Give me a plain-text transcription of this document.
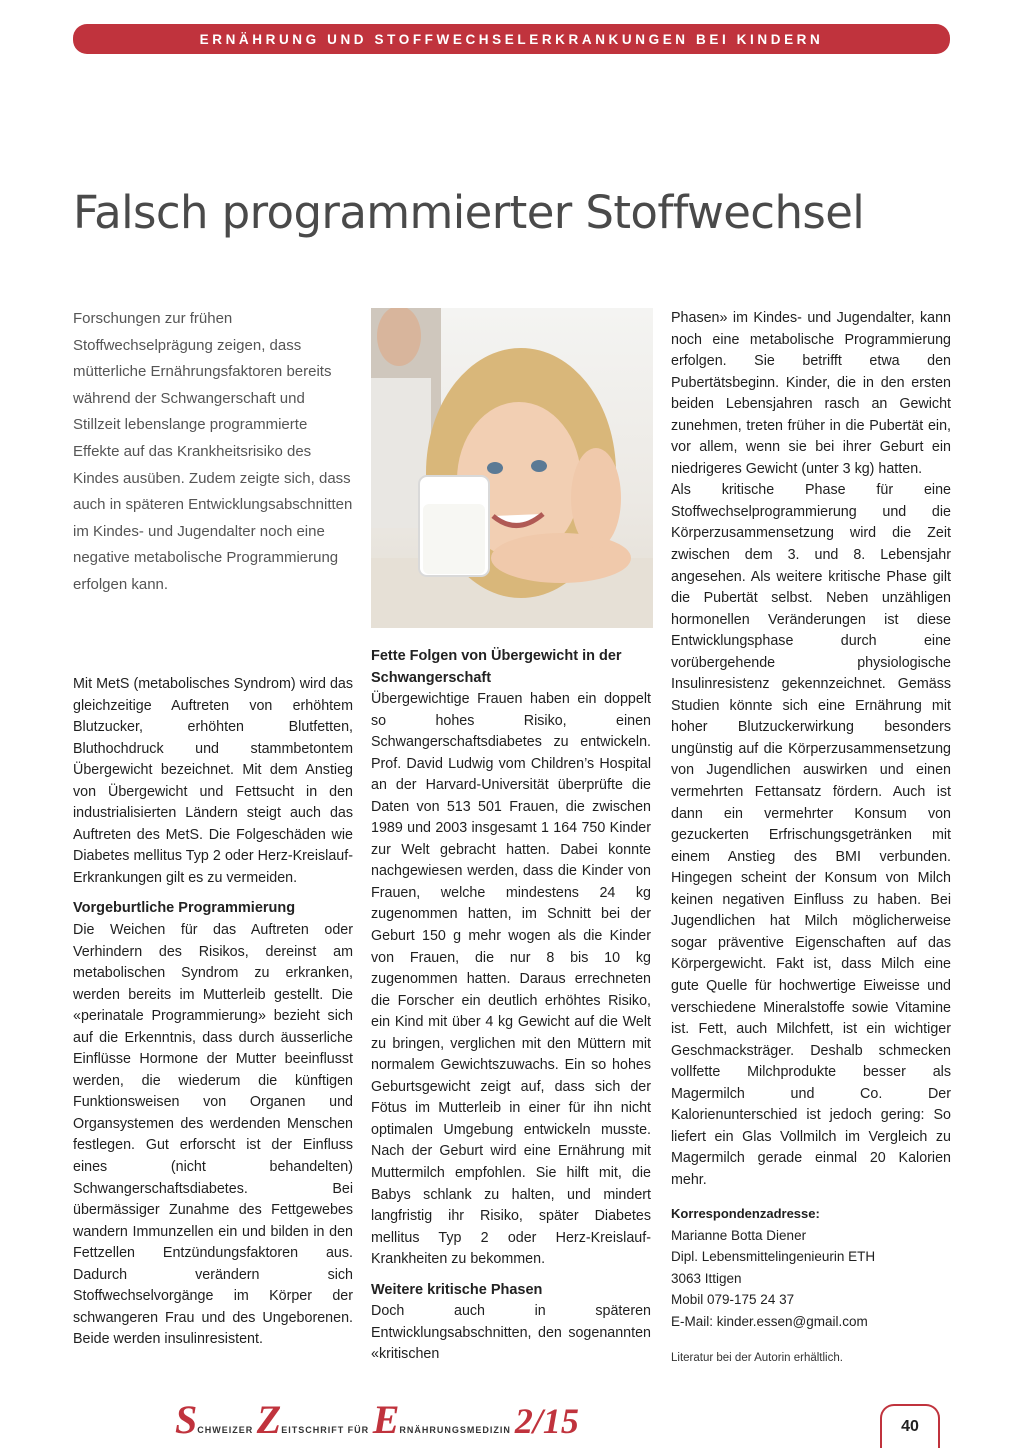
ERNÄHRUNG UND STOFFWECHSELERKRANKUNGEN BEI KINDERN
Falsch programmierter Stoffwechsel

Forschungen zur frühen Stoffwechselprägung zeigen, dass mütterliche Ernährungsfaktoren bereits während der Schwangerschaft und Stillzeit lebenslange programmierte Effekte auf das Krankheitsrisiko des Kindes ausüben. Zudem zeigte sich, dass auch in späteren Entwicklungsabschnitten im Kindes- und Jugendalter noch eine negative metabolische Programmierung erfolgen kann.

Mit MetS (metabolisches Syndrom) wird das gleichzeitige Auftreten von erhöhtem Blutzucker, erhöhten Blutfetten, Bluthochdruck und stammbetontem Übergewicht bezeichnet. Mit dem Anstieg von Übergewicht und Fettsucht in den industrialisierten Ländern steigt auch das Auftreten des MetS. Die Folgeschäden wie Diabetes mellitus Typ 2 oder Herz-Kreislauf-Erkrankungen gilt es zu vermeiden.

Vorgeburtliche Programmierung

Die Weichen für das Auftreten oder Verhindern des Risikos, dereinst am metabolischen Syndrom zu erkranken, werden bereits im Mutterleib gestellt. Die «perinatale Programmierung» bezieht sich auf die Erkenntnis, dass durch äusserliche Einflüsse Hormone der Mutter beeinflusst werden, die wiederum die künftigen Funktionsweisen von Organen und Organsystemen des werdenden Menschen festlegen. Gut erforscht ist der Einfluss eines (nicht behandelten) Schwangerschaftsdiabetes. Bei übermässiger Zunahme des Fettgewebes wandern Immunzellen ein und bilden in den Fettzellen Entzündungsfaktoren aus. Dadurch verändern sich Stoffwechselvorgänge im Körper der schwangeren Frau und des Ungeborenen. Beide werden insulinresistent.

Fette Folgen von Übergewicht in der Schwangerschaft

Übergewichtige Frauen haben ein doppelt so hohes Risiko, einen Schwangerschaftsdiabetes zu entwickeln. Prof. David Ludwig vom Children’s Hospital an der Harvard-Universität überprüfte die Daten von 513 501 Frauen, die zwischen 1989 und 2003 insgesamt 1 164 750 Kinder zur Welt gebracht hatten. Dabei konnte nachgewiesen werden, dass die Kinder von Frauen, welche mindestens 24 kg zugenommen hatten, im Schnitt bei der Geburt 150 g mehr wogen als die Kinder von Frauen, die nur 8 bis 10 kg zugenommen hatten. Daraus errechneten die Forscher ein deutlich erhöhtes Risiko, ein Kind mit über 4 kg Gewicht auf die Welt zu bringen, verglichen mit den Müttern mit normalem Gewichtszuwachs. Ein so hohes Geburtsgewicht zeigt auf, dass sich der Fötus im Mutterleib in einer für ihn nicht optimalen Umgebung entwickeln musste. Nach der Geburt wird eine Ernährung mit Muttermilch empfohlen. Sie hilft mit, die Babys schlank zu halten, und mindert langfristig ihr Risiko, später Diabetes mellitus Typ 2 oder Herz-Kreislauf-Krankheiten zu bekommen.

Weitere kritische Phasen

Doch auch in späteren Entwicklungsabschnitten, den sogenannten «kritischen

Phasen» im Kindes- und Jugendalter, kann noch eine metabolische Programmierung erfolgen. Sie betrifft etwa den Pubertätsbeginn. Kinder, die in den ersten beiden Lebensjahren rasch an Gewicht zunehmen, treten früher in die Pubertät ein, vor allem, wenn sie bei ihrer Geburt ein niedrigeres Gewicht (unter 3 kg) hatten.

Als kritische Phase für eine Stoffwechselprogrammierung und die Körperzusammensetzung wird die Zeit zwischen dem 3. und 8. Lebensjahr angesehen. Als weitere kritische Phase gilt die Pubertät selbst. Neben unzähligen hormonellen Veränderungen ist diese Entwicklungsphase durch eine vorübergehende physiologische Insulinresistenz gekennzeichnet. Gemäss Studien könnte sich eine Ernährung mit hoher Blutzuckerwirkung besonders ungünstig auf die Körperzusammensetzung von Jugendlichen auswirken und einen vermehrten Fettansatz fördern. Auch ist dann ein vermehrter Konsum von gezuckerten Erfrischungsgetränken mit einem Anstieg des BMI verbunden. Hingegen scheint der Konsum von Milch keinen negativen Einfluss zu haben. Bei Jugendlichen hat Milch möglicherweise sogar präventive Eigenschaften auf das Körpergewicht. Fakt ist, dass Milch eine gute Quelle für hochwertige Eiweisse und verschiedene Mineralstoffe sowie Vitamine ist. Fett, auch Milchfett, ist ein wichtiger Geschmacksträger. Deshalb schmecken vollfette Milchprodukte besser als Magermilch und Co. Der Kalorienunterschied ist jedoch gering: So liefert ein Glas Vollmilch im Vergleich zu Magermilch gerade einmal 20 Kalorien mehr.

Korrespondenzadresse:
Marianne Botta Diener
Dipl. Lebensmittelingenieurin ETH
3063 Ittigen
Mobil 079-175 24 37
E-Mail: kinder.essen@gmail.com
Literatur bei der Autorin erhältlich.
SCHWEIZER ZEITSCHRIFT FÜR ERNÄHRUNGSMEDIZIN 2/15	40
